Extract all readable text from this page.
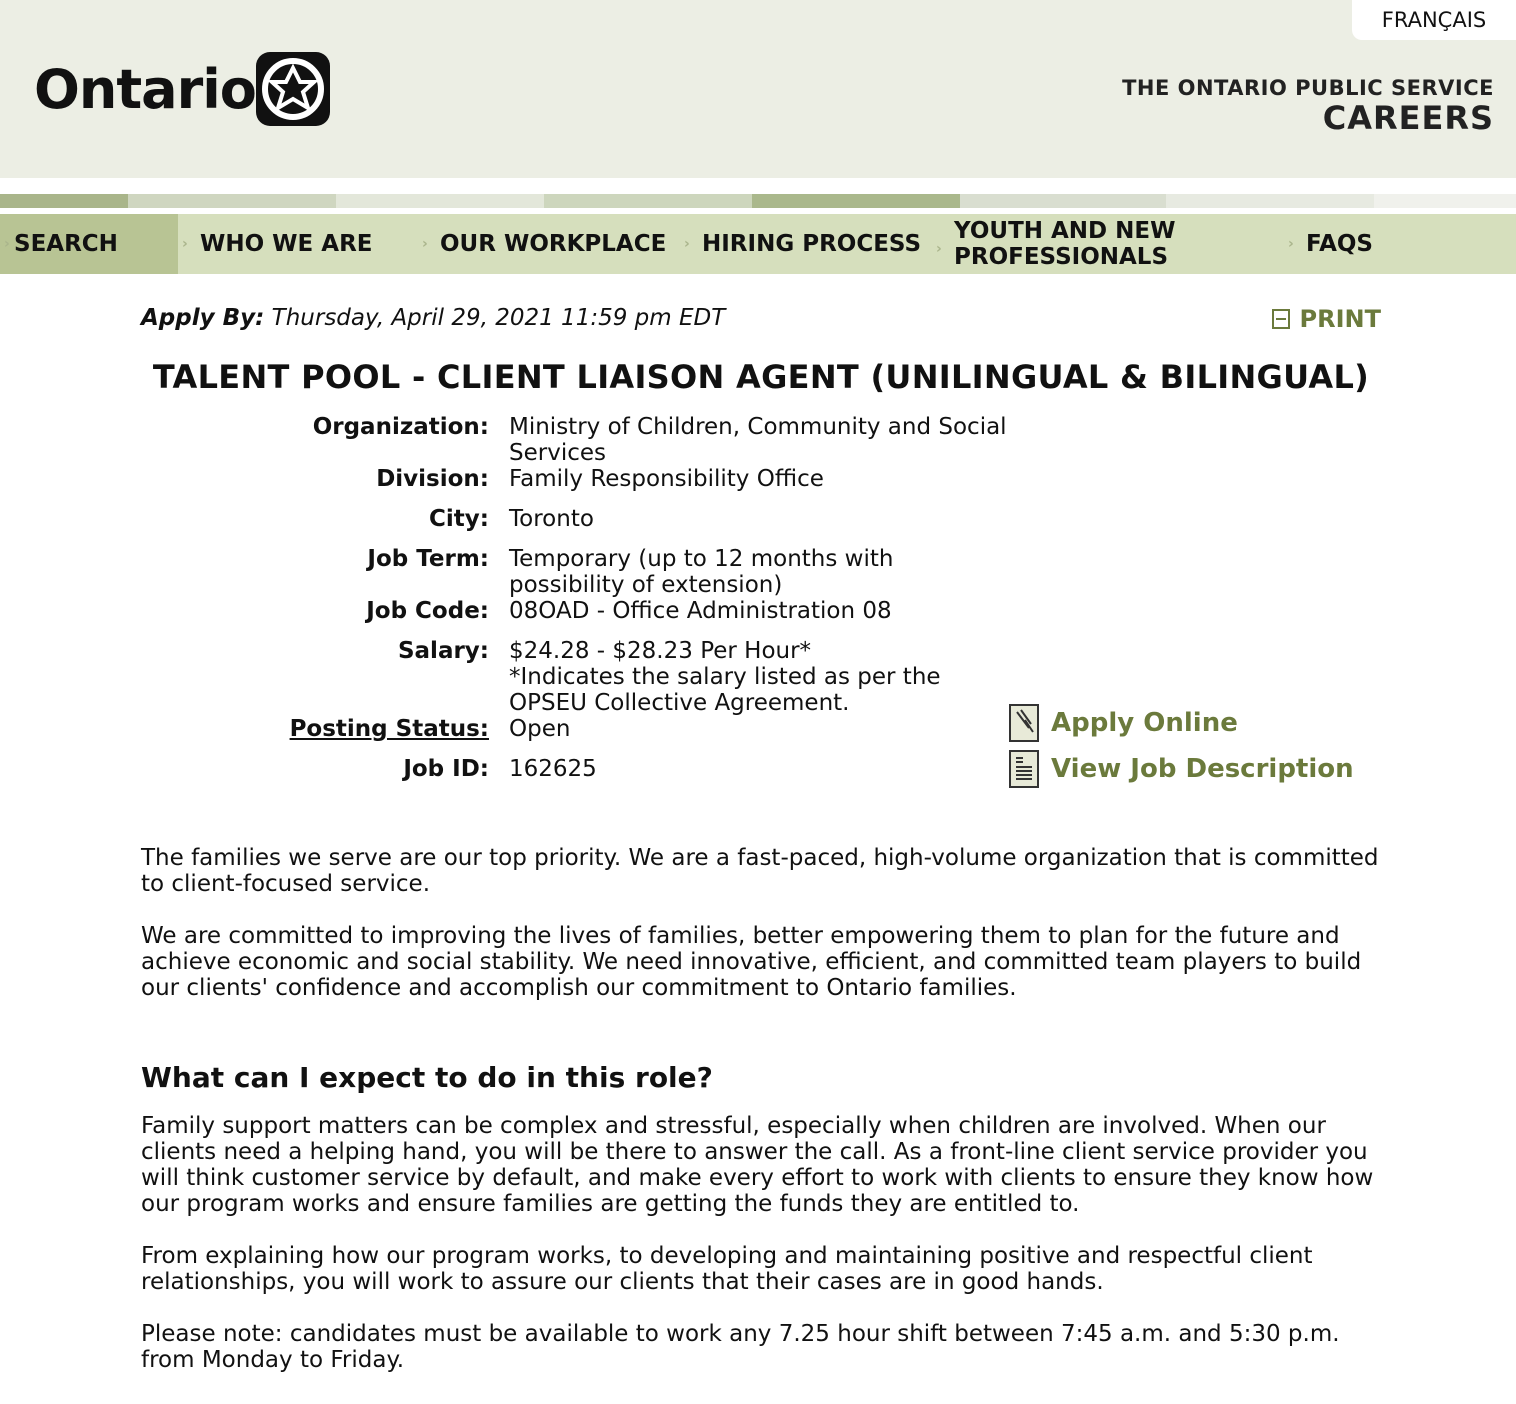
FRANÇAIS
Ontario	THE ONTARIO PUBLIC SERVICE
CAREERS
› SEARCH	› WHO WE ARE	› OUR WORKPLACE › HIRING PROCESS ›
YOUTH AND NEW PROFESSIONALS	› FAQS
Apply By: Thursday, April 29, 2021 11:59 pm EDT	PRINT
TALENT POOL - CLIENT LIAISON AGENT (UNILINGUAL & BILINGUAL)
Organization: Ministry of Children, Community and Social Services
Division: Family Responsibility Office
City: Toronto
Job Term: Temporary (up to 12 months with possibility of extension)
Job Code: 08OAD - Office Administration 08
Salary: $24.28 - $28.23 Per Hour*
*Indicates the salary listed as per the OPSEU Collective Agreement.
Posting Status: Open
Job ID: 162625
Apply Online
View Job Description

The families we serve are our top priority. We are a fast-paced, high-volume organization that is committed to client-focused service.

We are committed to improving the lives of families, better empowering them to plan for the future and achieve economic and social stability. We need innovative, efficient, and committed team players to build our clients' confidence and accomplish our commitment to Ontario families.

What can I expect to do in this role?

Family support matters can be complex and stressful, especially when children are involved. When our clients need a helping hand, you will be there to answer the call. As a front-line client service provider you will think customer service by default, and make every effort to work with clients to ensure they know how our program works and ensure families are getting the funds they are entitled to.

From explaining how our program works, to developing and maintaining positive and respectful client relationships, you will work to assure our clients that their cases are in good hands.

Please note: candidates must be available to work any 7.25 hour shift between 7:45 a.m. and 5:30 p.m. from Monday to Friday.
